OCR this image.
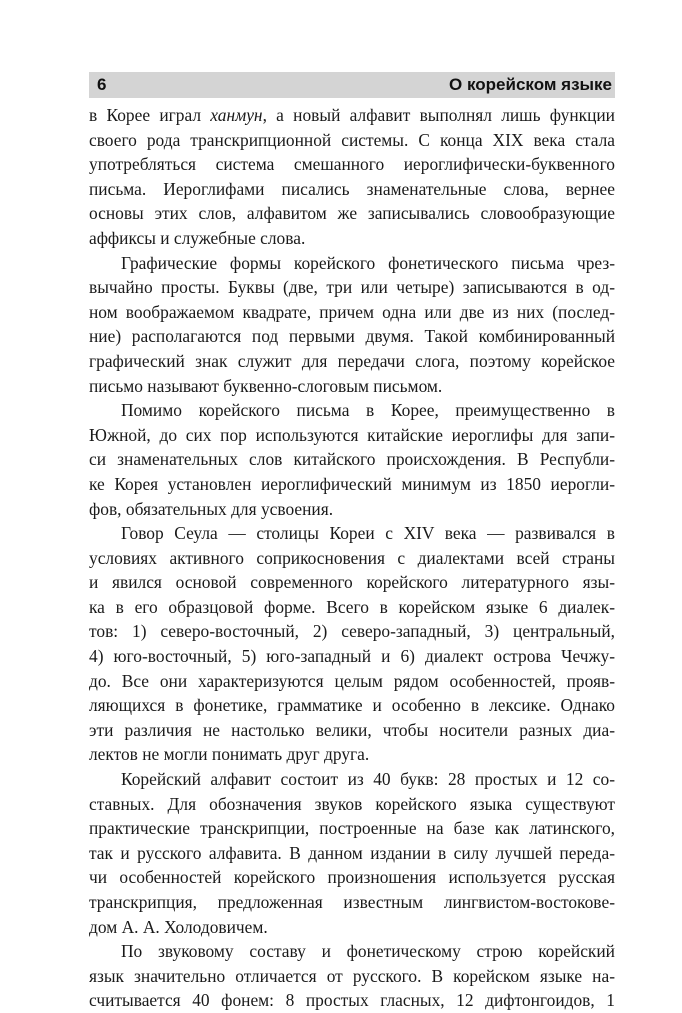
6	О корейском языке
в Корее играл ханмун, а новый алфавит выполнял лишь функции
своего рода транскрипционной системы. С конца XIX века стала
употребляться система смешанного иероглифически-буквенного
письма. Иероглифами писались знаменательные слова, вернее
основы этих слов, алфавитом же записывались словообразующие
аффиксы и служебные слова.
Графические формы корейского фонетического письма чрез-
вычайно просты. Буквы (две, три или четыре) записываются в од-
ном воображаемом квадрате, причем одна или две из них (послед-
ние) располагаются под первыми двумя. Такой комбинированный
графический знак служит для передачи слога, поэтому корейское
письмо называют буквенно-слоговым письмом.
Помимо корейского письма в Корее, преимущественно в
Южной, до сих пор используются китайские иероглифы для запи-
си знаменательных слов китайского происхождения. В Республи-
ке Корея установлен иероглифический минимум из 1850 иерогли-
фов, обязательных для усвоения.
Говор Сеула — столицы Кореи с XIV века — развивался в
условиях активного соприкосновения с диалектами всей страны
и явился основой современного корейского литературного язы-
ка в его образцовой форме. Всего в корейском языке 6 диалек-
тов: 1) северо-восточный, 2) северо-западный, 3) центральный,
4) юго-восточный, 5) юго-западный и 6) диалект острова Чечжу-
до. Все они характеризуются целым рядом особенностей, прояв-
ляющихся в фонетике, грамматике и особенно в лексике. Однако
эти различия не настолько велики, чтобы носители разных диа-
лектов не могли понимать друг друга.
Корейский алфавит состоит из 40 букв: 28 простых и 12 со-
ставных. Для обозначения звуков корейского языка существуют
практические транскрипции, построенные на базе как латинского,
так и русского алфавита. В данном издании в силу лучшей переда-
чи особенностей корейского произношения используется русская
транскрипция, предложенная известным лингвистом-востоковe-
дом А. А. Холодовичем.
По звуковому составу и фонетическому строю корейский
язык значительно отличается от русского. В корейском языке на-
считывается 40 фонем: 8 простых гласных, 12 дифтонгоидов, 1
